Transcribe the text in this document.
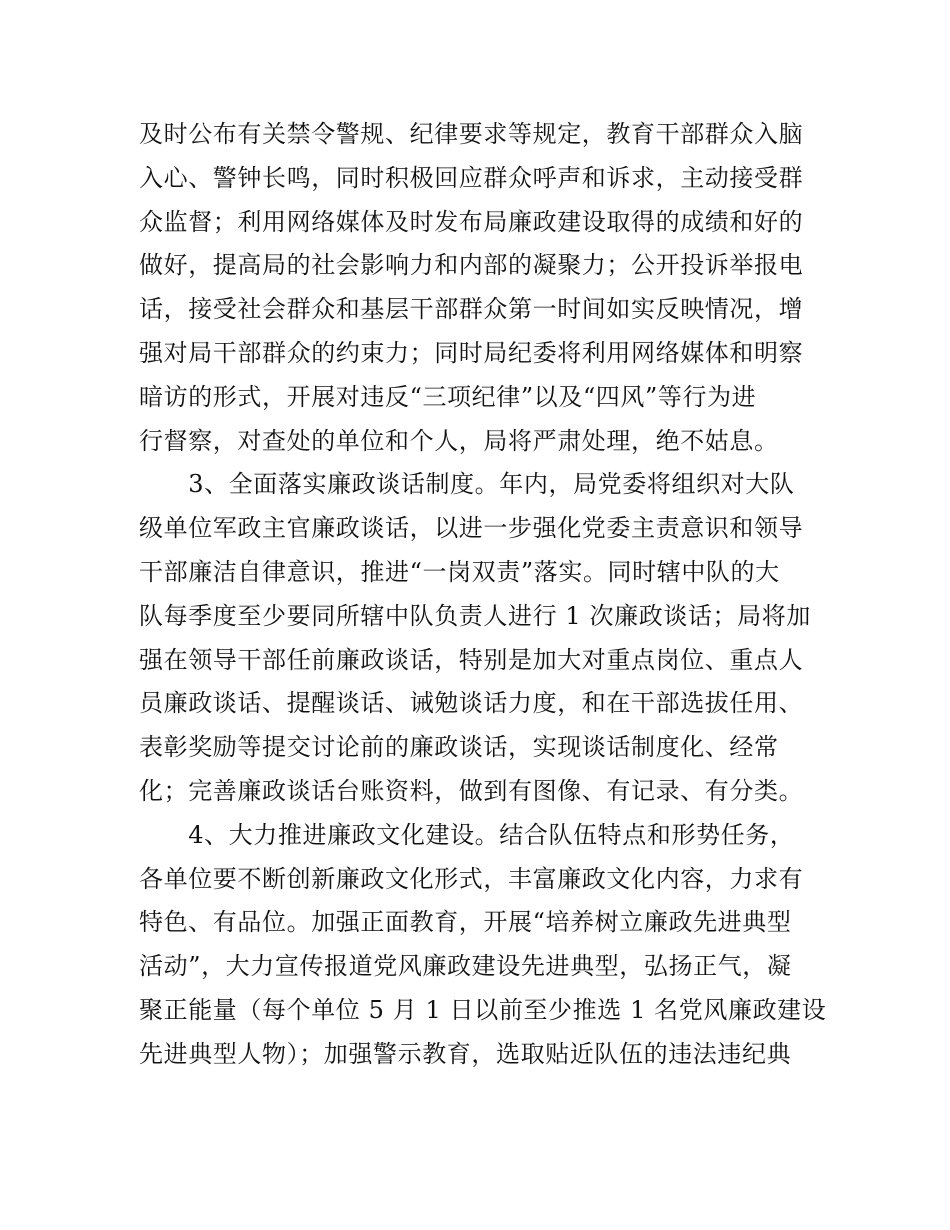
及时公布有关禁令警规、纪律要求等规定，教育干部群众入脑
入心、警钟长鸣，同时积极回应群众呼声和诉求，主动接受群
众监督；利用网络媒体及时发布局廉政建设取得的成绩和好的
做好，提高局的社会影响力和内部的凝聚力；公开投诉举报电
话，接受社会群众和基层干部群众第一时间如实反映情况，增
强对局干部群众的约束力；同时局纪委将利用网络媒体和明察
暗访的形式，开展对违反“三项纪律”以及“四风”等行为进
行督察，对查处的单位和个人，局将严肃处理，绝不姑息。
　　3、全面落实廉政谈话制度。年内，局党委将组织对大队
级单位军政主官廉政谈话，以进一步强化党委主责意识和领导
干部廉洁自律意识，推进“一岗双责”落实。同时辖中队的大
队每季度至少要同所辖中队负责人进行 1 次廉政谈话；局将加
强在领导干部任前廉政谈话，特别是加大对重点岗位、重点人
员廉政谈话、提醒谈话、诫勉谈话力度，和在干部选拔任用、
表彰奖励等提交讨论前的廉政谈话，实现谈话制度化、经常
化；完善廉政谈话台账资料，做到有图像、有记录、有分类。
　　4、大力推进廉政文化建设。结合队伍特点和形势任务，
各单位要不断创新廉政文化形式，丰富廉政文化内容，力求有
特色、有品位。加强正面教育，开展“培养树立廉政先进典型
活动”，大力宣传报道党风廉政建设先进典型，弘扬正气，凝
聚正能量（每个单位 5 月 1 日以前至少推选 1 名党风廉政建设
先进典型人物）；加强警示教育，选取贴近队伍的违法违纪典
